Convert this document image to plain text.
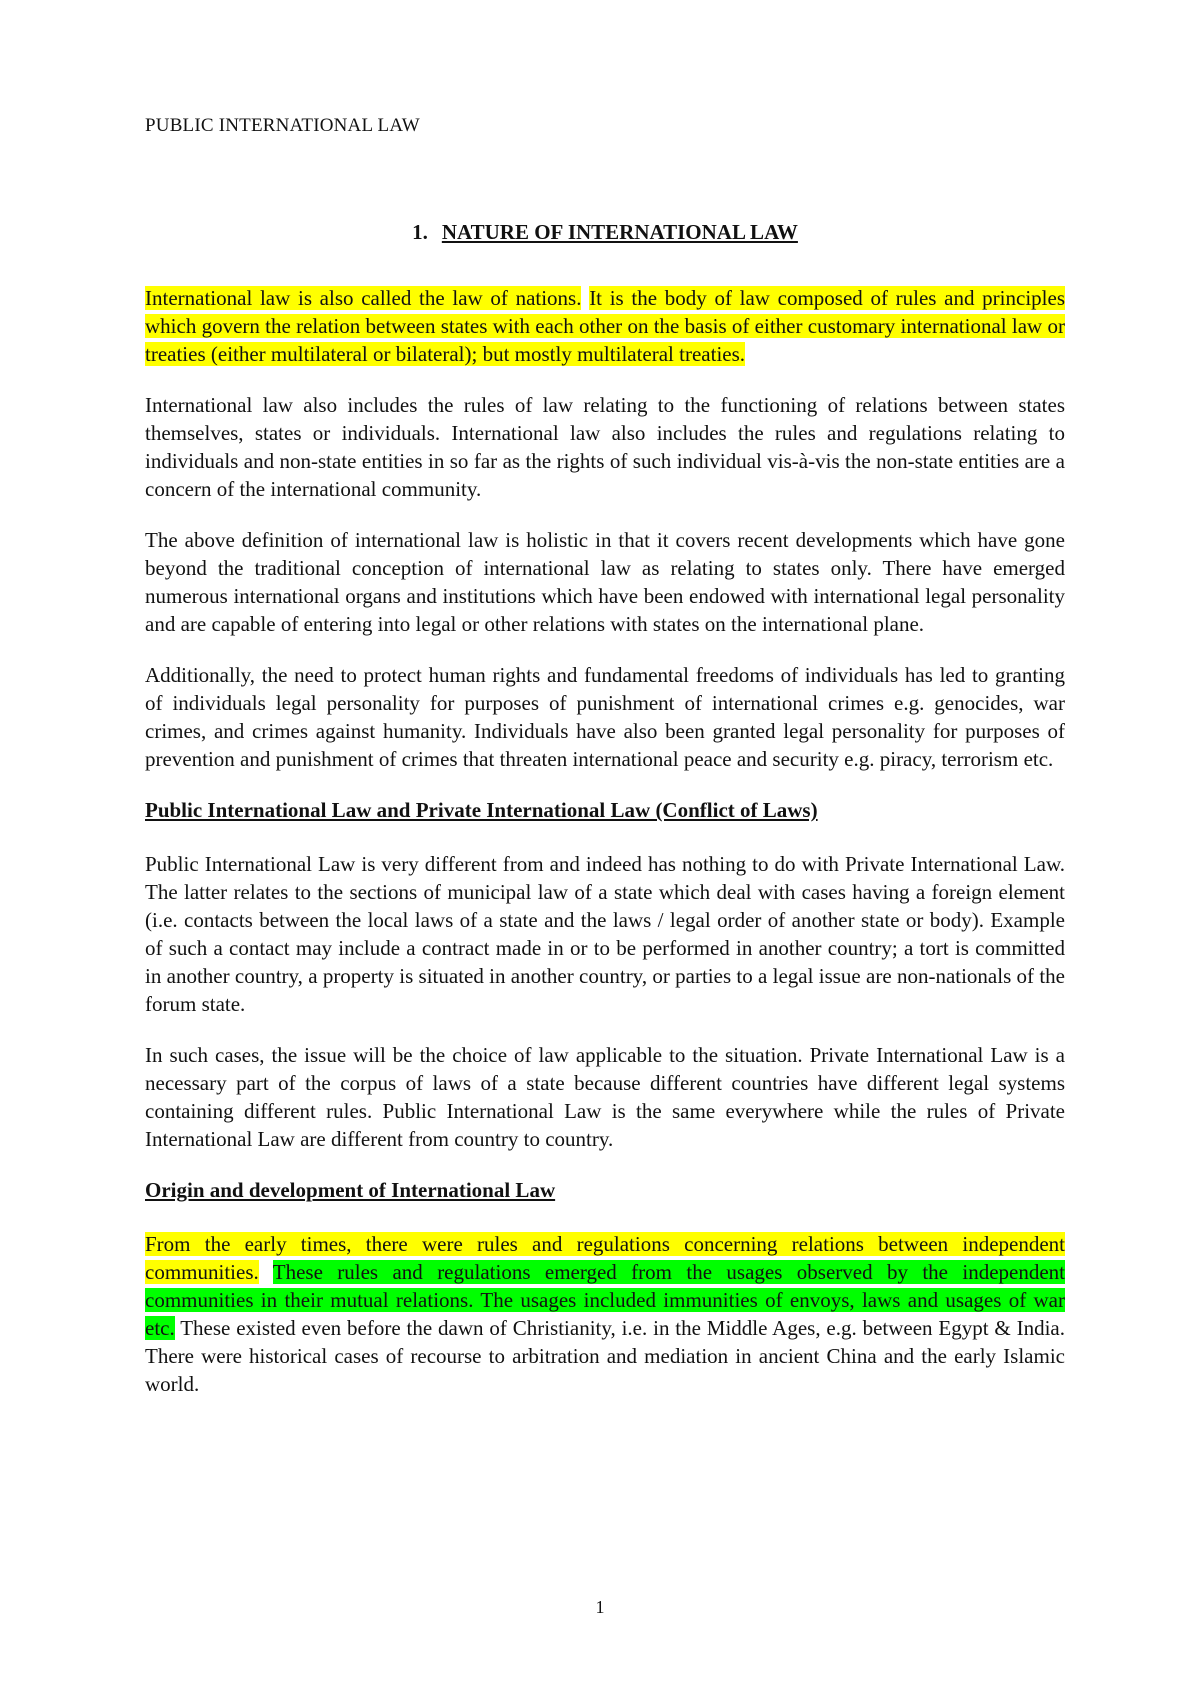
PUBLIC INTERNATIONAL LAW
1. NATURE OF INTERNATIONAL LAW

International law is also called the law of nations. It is the body of law composed of rules and principles which govern the relation between states with each other on the basis of either customary international law or treaties (either multilateral or bilateral); but mostly multilateral treaties.

International law also includes the rules of law relating to the functioning of relations between states themselves, states or individuals. International law also includes the rules and regulations relating to individuals and non-state entities in so far as the rights of such individual vis-à-vis the non-state entities are a concern of the international community.

The above definition of international law is holistic in that it covers recent developments which have gone beyond the traditional conception of international law as relating to states only. There have emerged numerous international organs and institutions which have been endowed with international legal personality and are capable of entering into legal or other relations with states on the international plane.

Additionally, the need to protect human rights and fundamental freedoms of individuals has led to granting of individuals legal personality for purposes of punishment of international crimes e.g. genocides, war crimes, and crimes against humanity. Individuals have also been granted legal personality for purposes of prevention and punishment of crimes that threaten international peace and security e.g. piracy, terrorism etc.

Public International Law and Private International Law (Conflict of Laws)

Public International Law is very different from and indeed has nothing to do with Private International Law. The latter relates to the sections of municipal law of a state which deal with cases having a foreign element (i.e. contacts between the local laws of a state and the laws / legal order of another state or body). Example of such a contact may include a contract made in or to be performed in another country; a tort is committed in another country, a property is situated in another country, or parties to a legal issue are non-nationals of the forum state.

In such cases, the issue will be the choice of law applicable to the situation. Private International Law is a necessary part of the corpus of laws of a state because different countries have different legal systems containing different rules. Public International Law is the same everywhere while the rules of Private International Law are different from country to country.

Origin and development of International Law

From the early times, there were rules and regulations concerning relations between independent communities. These rules and regulations emerged from the usages observed by the independent communities in their mutual relations. The usages included immunities of envoys, laws and usages of war etc. These existed even before the dawn of Christianity, i.e. in the Middle Ages, e.g. between Egypt & India. There were historical cases of recourse to arbitration and mediation in ancient China and the early Islamic world.

1
